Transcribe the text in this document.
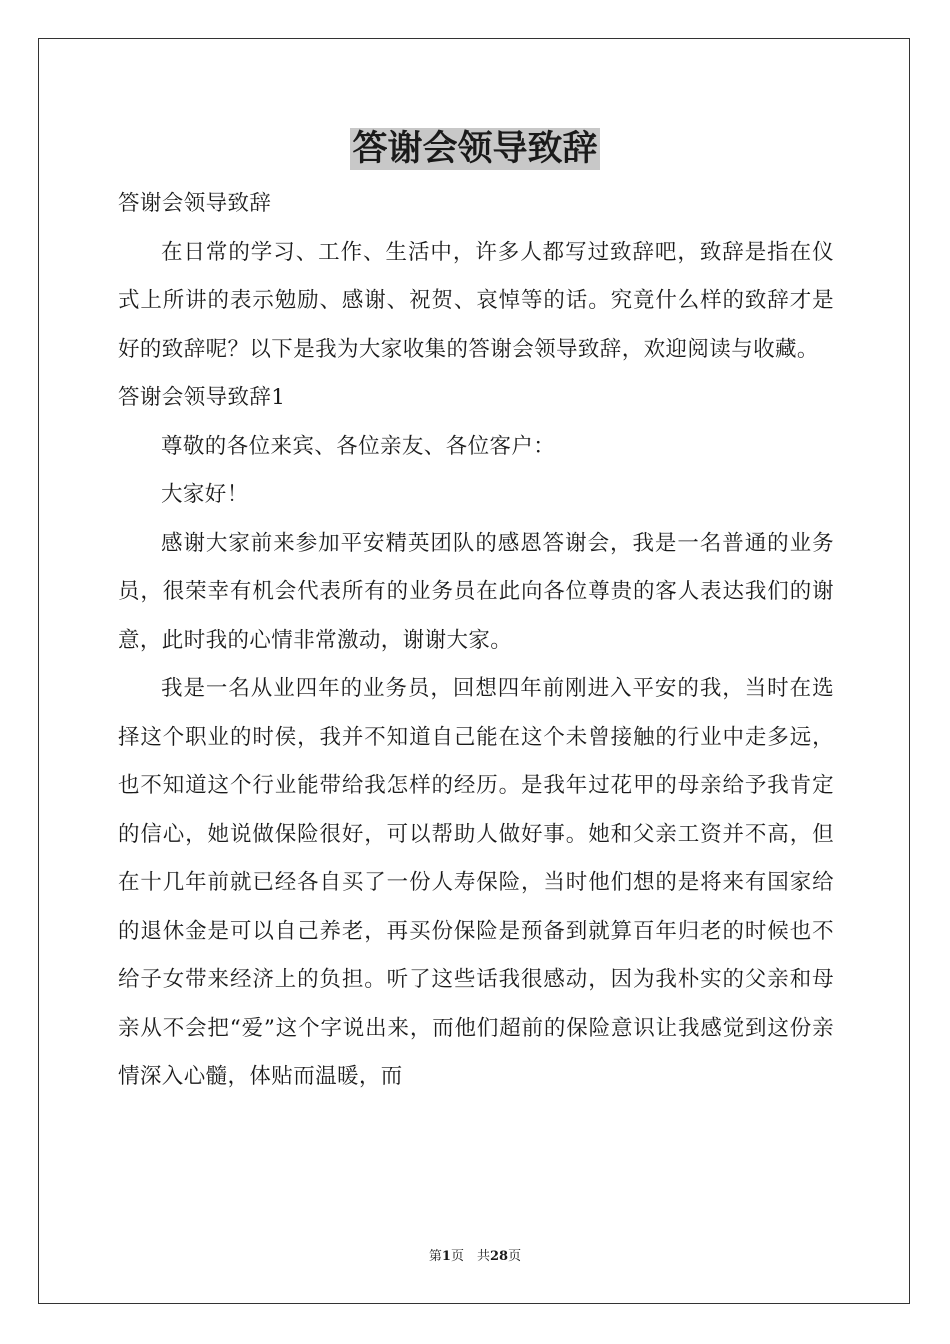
答谢会领导致辞

答谢会领导致辞

在日常的学习、工作、生活中，许多人都写过致辞吧，致辞是指在仪式上所讲的表示勉励、感谢、祝贺、哀悼等的话。究竟什么样的致辞才是好的致辞呢？以下是我为大家收集的答谢会领导致辞，欢迎阅读与收藏。

答谢会领导致辞1

尊敬的各位来宾、各位亲友、各位客户：

大家好！

感谢大家前来参加平安精英团队的感恩答谢会，我是一名普通的业务员，很荣幸有机会代表所有的业务员在此向各位尊贵的客人表达我们的谢意，此时我的心情非常激动，谢谢大家。

我是一名从业四年的业务员，回想四年前刚进入平安的我，当时在选择这个职业的时侯，我并不知道自己能在这个未曾接触的行业中走多远，也不知道这个行业能带给我怎样的经历。是我年过花甲的母亲给予我肯定的信心，她说做保险很好，可以帮助人做好事。她和父亲工资并不高，但在十几年前就已经各自买了一份人寿保险，当时他们想的是将来有国家给的退休金是可以自己养老，再买份保险是预备到就算百年归老的时候也不给子女带来经济上的负担。听了这些话我很感动，因为我朴实的父亲和母亲从不会把“爱”这个字说出来，而他们超前的保险意识让我感觉到这份亲情深入心髓，体贴而温暖，而

第1页　共28页
